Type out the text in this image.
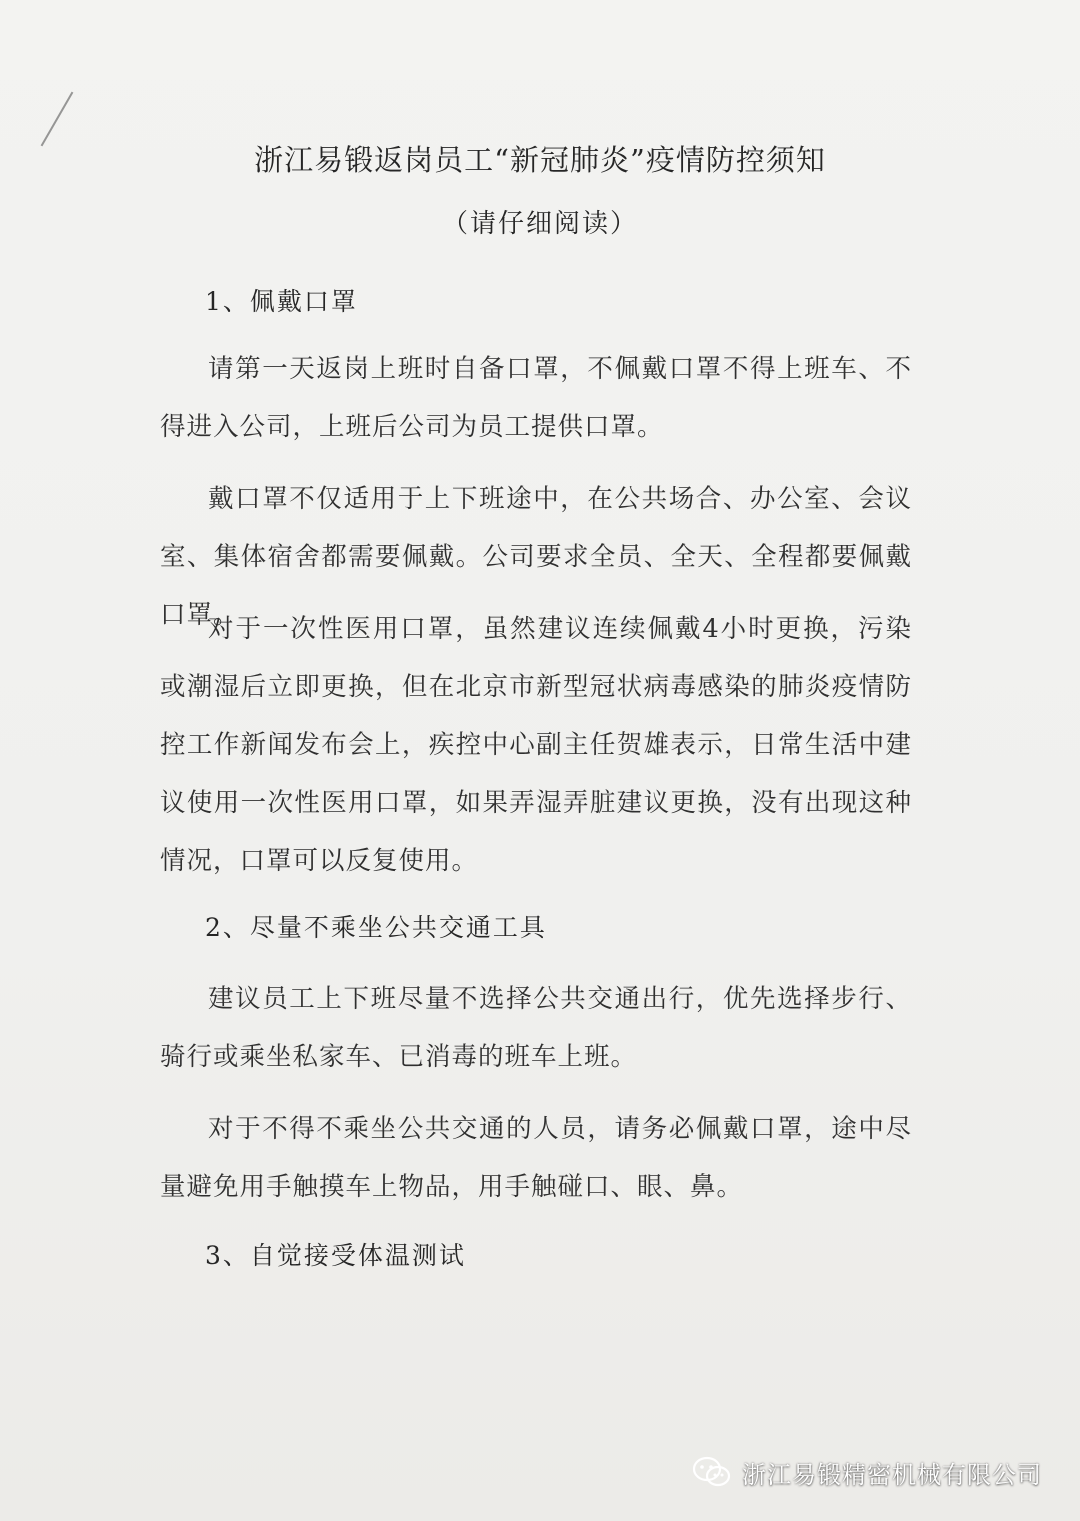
浙江易锻返岗员工“新冠肺炎”疫情防控须知
（请仔细阅读）
1、佩戴口罩

请第一天返岗上班时自备口罩，不佩戴口罩不得上班车、不得进入公司，上班后公司为员工提供口罩。

戴口罩不仅适用于上下班途中，在公共场合、办公室、会议室、集体宿舍都需要佩戴。公司要求全员、全天、全程都要佩戴口罩。

对于一次性医用口罩，虽然建议连续佩戴4小时更换，污染或潮湿后立即更换，但在北京市新型冠状病毒感染的肺炎疫情防控工作新闻发布会上，疾控中心副主任贺雄表示，日常生活中建议使用一次性医用口罩，如果弄湿弄脏建议更换，没有出现这种情况，口罩可以反复使用。

2、尽量不乘坐公共交通工具

建议员工上下班尽量不选择公共交通出行，优先选择步行、骑行或乘坐私家车、已消毒的班车上班。

对于不得不乘坐公共交通的人员，请务必佩戴口罩，途中尽量避免用手触摸车上物品，用手触碰口、眼、鼻。

3、自觉接受体温测试
浙江易锻精密机械有限公司
